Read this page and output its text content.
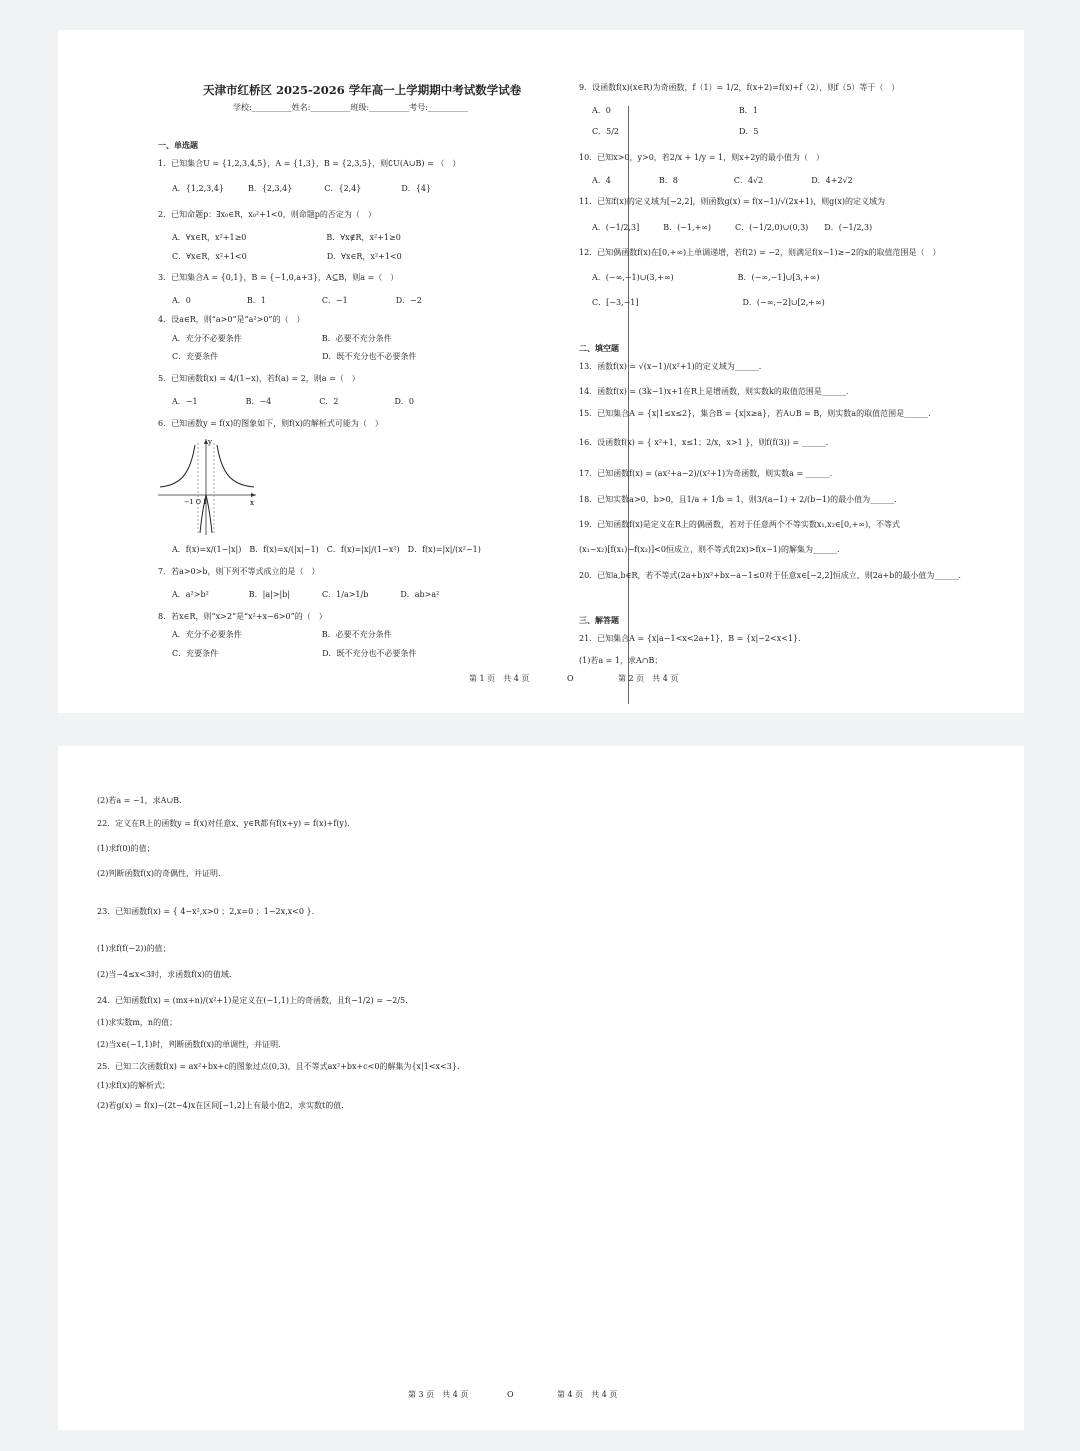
天津市红桥区 2025-2026 学年高一上学期期中考试数学试卷
学校:__________姓名:__________班级:__________考号:__________
一、单选题
1．已知集合U = {1,2,3,4,5}，A = {1,3}，B = {2,3,5}，则∁U(A∪B) = （　）
A．{1,2,3,4}　　　B．{2,3,4}　　　　C．{2,4}　　　　　D．{4}
2．已知命题p：∃x₀∈R，x₀²+1<0，则命题p的否定为（　）
A．∀x∈R，x²+1≥0　　　　　　　　　　B．∀x∉R，x²+1≥0
C．∀x∈R，x²+1<0　　　　　　　　　　D．∀x∈R，x²+1<0
3．已知集合A = {0,1}，B = {−1,0,a+3}，A⊆B，则a =（　）
A．0　　　　　　　B．1　　　　　　　C．−1　　　　　　D．−2
4．设a∈R，则“a>0”是“a²>0”的（　）
A．充分不必要条件　　　　　　　　　　B．必要不充分条件
C．充要条件　　　　　　　　　　　　　D．既不充分也不必要条件
5．已知函数f(x) = 4/(1−x)，若f(a) = 2，则a =（　）
A．−1　　　　　　B．−4　　　　　　C．2　　　　　　　D．0
6．已知函数y = f(x)的图象如下，则f(x)的解析式可能为（　）
y
x
−1 O 1
A．f(x)=x/(1−|x|)　B．f(x)=x/(|x|−1)　C．f(x)=|x|/(1−x²)　D．f(x)=|x|/(x²−1)
7．若a>0>b，则下列不等式成立的是（　）
A．a²>b²　　　　　B．|a|>|b|　　　　C．1/a>1/b　　　　D．ab>a²
8．若x∈R，则“x>2”是“x²+x−6>0”的（　）
A．充分不必要条件　　　　　　　　　　B．必要不充分条件
C．充要条件　　　　　　　　　　　　　D．既不充分也不必要条件
9．设函数f(x)(x∈R)为奇函数，f（1）= 1/2，f(x+2)=f(x)+f（2），则f（5）等于（　）
A．0　　　　　　　　　　　　　　　　B．1
C．5/2　　　　　　　　　　　　　　　D．5
10．已知x>0，y>0，若2/x + 1/y = 1，则x+2y的最小值为（　）
A．4　　　　　　B．8　　　　　　　C．4√2　　　　　　D．4+2√2
11．已知f(x)的定义域为[−2,2]，则函数g(x) = f(x−1)/√(2x+1)，则g(x)的定义域为
A．(−1/2,3]　　　B．(−1,+∞)　　　C．(−1/2,0)∪(0,3)　　D．(−1/2,3)
12．已知偶函数f(x)在[0,+∞)上单调递增，若f(2) = −2，则满足f(x−1)≥−2的x的取值范围是（　）
A．(−∞,−1)∪(3,+∞)　　　　　　　　B．(−∞,−1]∪[3,+∞)
C．[−3,−1]　　　　　　　　　　　　　D．(−∞,−2]∪[2,+∞)
二、填空题
13．函数f(x) = √(x−1)/(x²+1)的定义域为______.
14．函数f(x) = (3k−1)x+1在R上是增函数，则实数k的取值范围是______.
15．已知集合A = {x|1≤x≤2}，集合B = {x|x≥a}，若A∪B = B，则实数a的取值范围是______.
16．设函数f(x) = { x²+1，x≤1；2/x，x>1 }，则f(f(3)) = ______.
17．已知函数f(x) = (ax²+a−2)/(x²+1)为奇函数，则实数a = ______.
18．已知实数a>0，b>0，且1/a + 1/b = 1，则3/(a−1) + 2/(b−1)的最小值为______.
19．已知函数f(x)是定义在R上的偶函数，若对于任意两个不等实数x₁,x₂∈[0,+∞)，不等式
(x₁−x₂)[f(x₁)−f(x₂)]<0恒成立，则不等式f(2x)>f(x−1)的解集为______.
20．已知a,b∈R，若不等式(2a+b)x²+bx−a−1≤0对于任意x∈[−2,2]恒成立，则2a+b的最小值为______.
三、解答题
21．已知集合A = {x|a−1<x<2a+1}，B = {x|−2<x<1}.
(1)若a = 1，求A∩B；
第 1 页　共 4 页	O	第 2 页　共 4 页
(2)若a = −1，求A∪B.
22．定义在R上的函数y = f(x)对任意x、y∈R都有f(x+y) = f(x)+f(y).
(1)求f(0)的值；
(2)判断函数f(x)的奇偶性，并证明.
23．已知函数f(x) = { 4−x²,x>0 ；2,x=0 ；1−2x,x<0 }.
(1)求f(f(−2))的值；
(2)当−4≤x<3时，求函数f(x)的值域.
24．已知函数f(x) = (mx+n)/(x²+1)是定义在(−1,1)上的奇函数，且f(−1/2) = −2/5.
(1)求实数m，n的值；
(2)当x∈(−1,1)时，判断函数f(x)的单调性，并证明.
25．已知二次函数f(x) = ax²+bx+c的图象过点(0,3)，且不等式ax²+bx+c<0的解集为{x|1<x<3}.
(1)求f(x)的解析式；
(2)若g(x) = f(x)−(2t−4)x在区间[−1,2]上有最小值2，求实数t的值.
第 3 页　共 4 页	O	第 4 页　共 4 页
